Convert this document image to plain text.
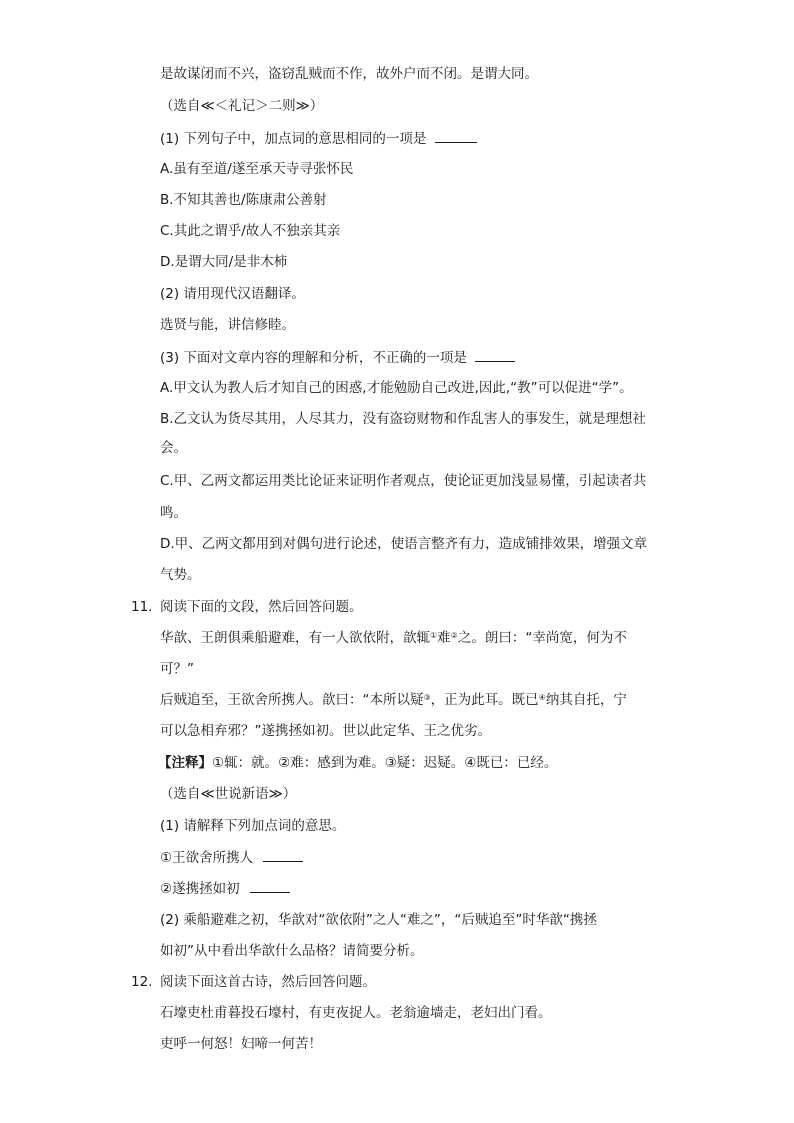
是故谋闭而不兴，盗窃乱贼而不作，故外户而不闭。是谓大同。
（选自≪＜礼记＞二则≫）
(1) 下列句子中，加点词的意思相同的一项是
A.虽有至道/遂至承天寺寻张怀民
B.不知其善也/陈康肃公善射
C.其此之谓乎/故人不独亲其亲
D.是谓大同/是非木柿
(2) 请用现代汉语翻译。
选贤与能，讲信修睦。
(3) 下面对文章内容的理解和分析，不正确的一项是
A.甲文认为教人后才知自己的困惑,才能勉励自己改进,因此,“教”可以促进“学”。
B.乙文认为货尽其用，人尽其力，没有盗窃财物和作乱害人的事发生，就是理想社
会。
C.甲、乙两文都运用类比论证来证明作者观点，使论证更加浅显易懂，引起读者共
鸣。
D.甲、乙两文都用到对偶句进行论述，使语言整齐有力，造成铺排效果，增强文章
气势。
11. 阅读下面的文段，然后回答问题。
华歆、王朗俱乘船避难，有一人欲依附，歆辄①难②之。朗曰：“幸尚宽，何为不
可？”
后贼追至，王欲舍所携人。歆曰：“本所以疑③，正为此耳。既已④纳其自托，宁
可以急相弃邪？”遂携拯如初。世以此定华、王之优劣。
【注释】①辄：就。②难：感到为难。③疑：迟疑。④既已：已经。
（选自≪世说新语≫）
(1) 请解释下列加点词的意思。
①王欲舍所携人
②遂携拯如初
(2) 乘船避难之初，华歆对“欲依附”之人“难之”，“后贼追至”时华歆“携拯
如初”从中看出华歆什么品格？请简要分析。
12. 阅读下面这首古诗，然后回答问题。
石壕吏杜甫暮投石壕村，有吏夜捉人。老翁逾墙走，老妇出门看。
吏呼一何怒！妇啼一何苦！
